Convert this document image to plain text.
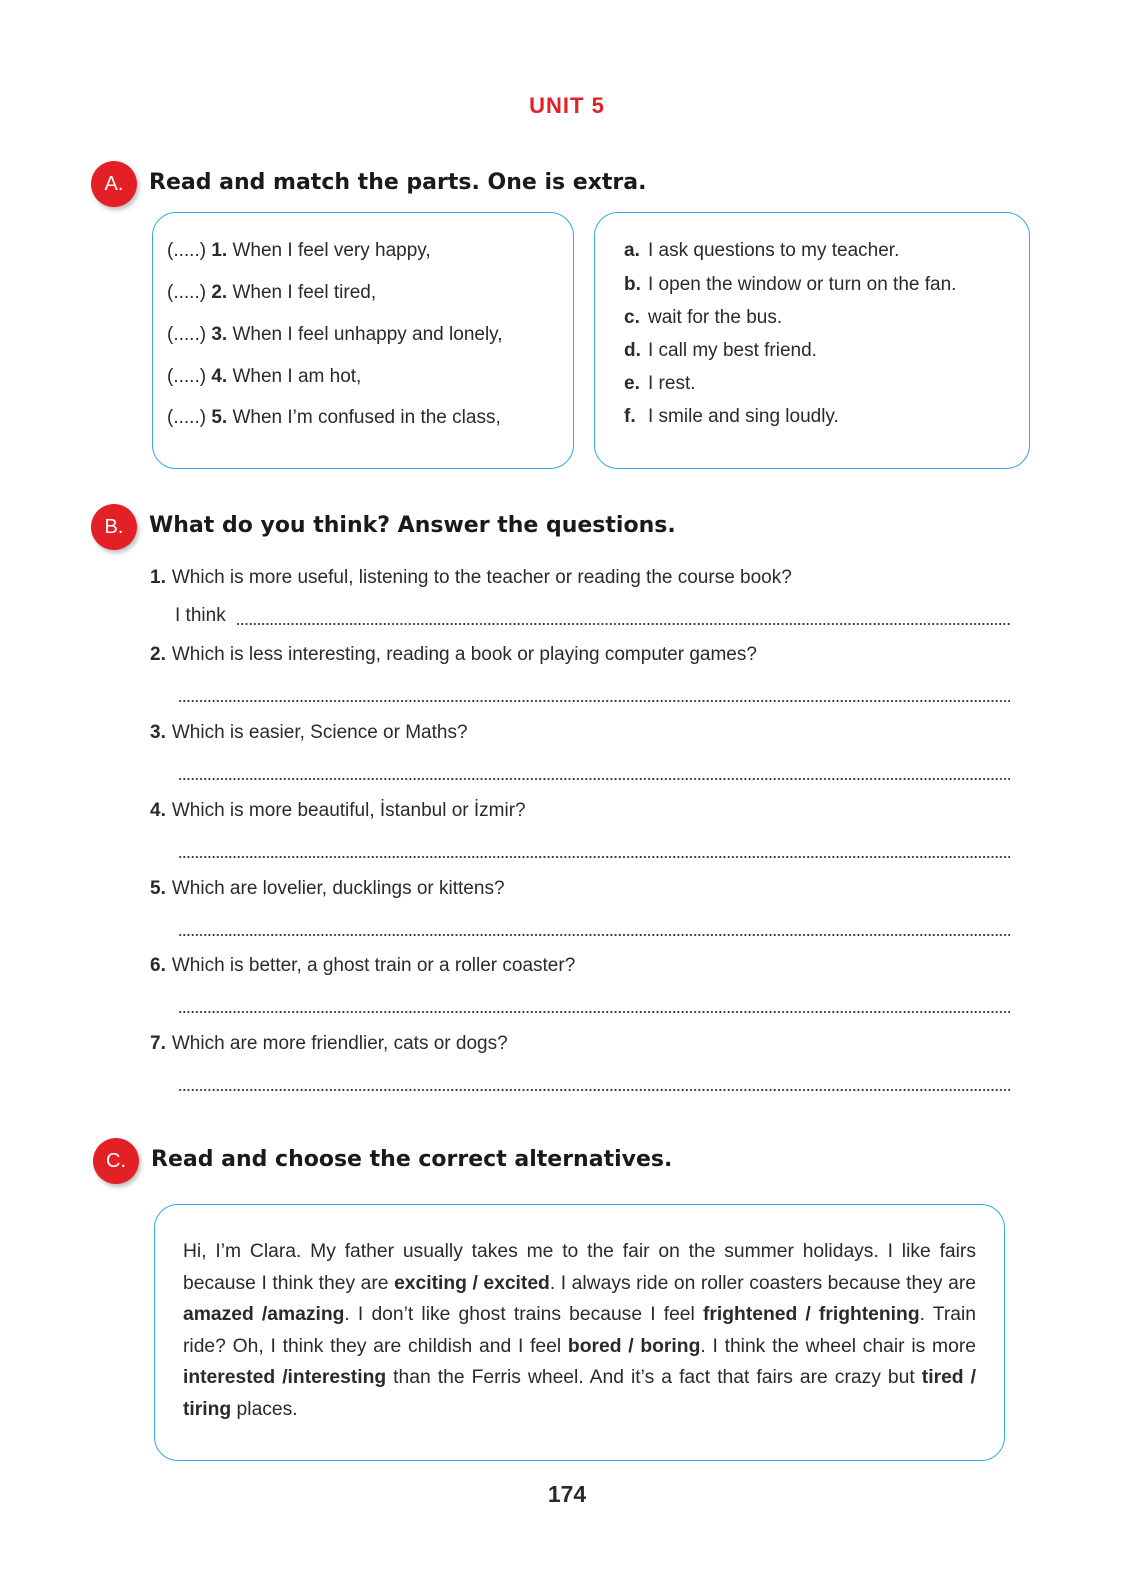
UNIT 5
A.	Read and match the parts. One is extra.
(.....) 1. When I feel very happy,
(.....) 2. When I feel tired,
(.....) 3. When I feel unhappy and lonely,
(.....) 4. When I am hot,
(.....) 5. When I’m confused in the class,
a. I ask questions to my teacher.
b. I open the window or turn on the fan.
c. wait for the bus.
d. I call my best friend.
e. I rest.
f. I smile and sing loudly.
B.	What do you think? Answer the questions.
1. Which is more useful, listening to the teacher or reading the course book?
2. Which is less interesting, reading a book or playing computer games?
3. Which is easier, Science or Maths?
4. Which is more beautiful, İstanbul or İzmir?
5. Which are lovelier, ducklings or kittens?
6. Which is better, a ghost train or a roller coaster?
7. Which are more friendlier, cats or dogs?
I think
C.	Read and choose the correct alternatives.
Hi, I’m Clara. My father usually takes me to the fair on the summer holidays. I like fairs because I think they are exciting / excited. I always ride on roller coasters because they are amazed /amazing. I don’t like ghost trains because I feel frightened / frightening. Train ride? Oh, I think they are childish and I feel bored / boring. I think the wheel chair is more interested /interesting than the Ferris wheel. And it’s a fact that fairs are crazy but tired / tiring places.
174
